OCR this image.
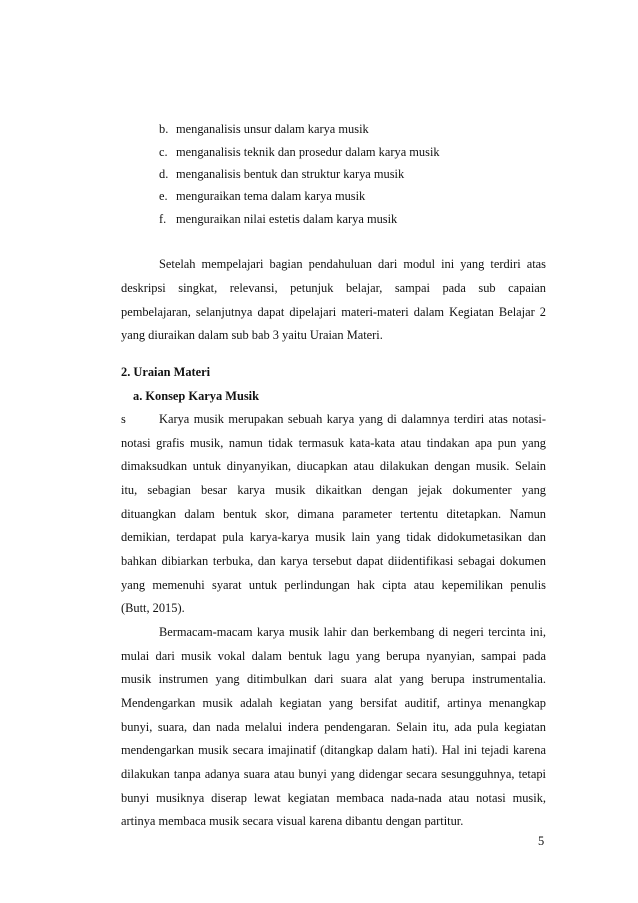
b. menganalisis unsur dalam karya musik
c. menganalisis teknik dan prosedur dalam karya musik
d. menganalisis bentuk dan struktur karya musik
e. menguraikan tema dalam karya musik
f. menguraikan nilai estetis dalam karya musik
Setelah mempelajari bagian pendahuluan dari modul ini yang terdiri atas
deskripsi singkat, relevansi, petunjuk belajar, sampai pada sub capaian
pembelajaran, selanjutnya dapat dipelajari materi-materi dalam Kegiatan Belajar 2
yang diuraikan dalam sub bab 3 yaitu Uraian Materi.
2. Uraian Materi
a. Konsep Karya Musik
s	Karya musik merupakan sebuah karya yang di dalamnya terdiri atas notasi-
notasi grafis musik, namun tidak termasuk kata-kata atau tindakan apa pun yang
dimaksudkan untuk dinyanyikan, diucapkan atau dilakukan dengan musik. Selain
itu, sebagian besar karya musik dikaitkan dengan jejak dokumenter yang
dituangkan dalam bentuk skor, dimana parameter tertentu ditetapkan. Namun
demikian, terdapat pula karya-karya musik lain yang tidak didokumetasikan dan
bahkan dibiarkan terbuka, dan karya tersebut dapat diidentifikasi sebagai dokumen
yang memenuhi syarat untuk perlindungan hak cipta atau kepemilikan penulis
(Butt, 2015).
Bermacam-macam karya musik lahir dan berkembang di negeri tercinta ini,
mulai dari musik vokal dalam bentuk lagu yang berupa nyanyian, sampai pada
musik instrumen yang ditimbulkan dari suara alat yang berupa instrumentalia.
Mendengarkan musik adalah kegiatan yang bersifat auditif, artinya menangkap
bunyi, suara, dan nada melalui indera pendengaran. Selain itu, ada pula kegiatan
mendengarkan musik secara imajinatif (ditangkap dalam hati). Hal ini tejadi karena
dilakukan tanpa adanya suara atau bunyi yang didengar secara sesungguhnya, tetapi
bunyi musiknya diserap lewat kegiatan membaca nada-nada atau notasi musik,
artinya membaca musik secara visual karena dibantu dengan partitur.
5
